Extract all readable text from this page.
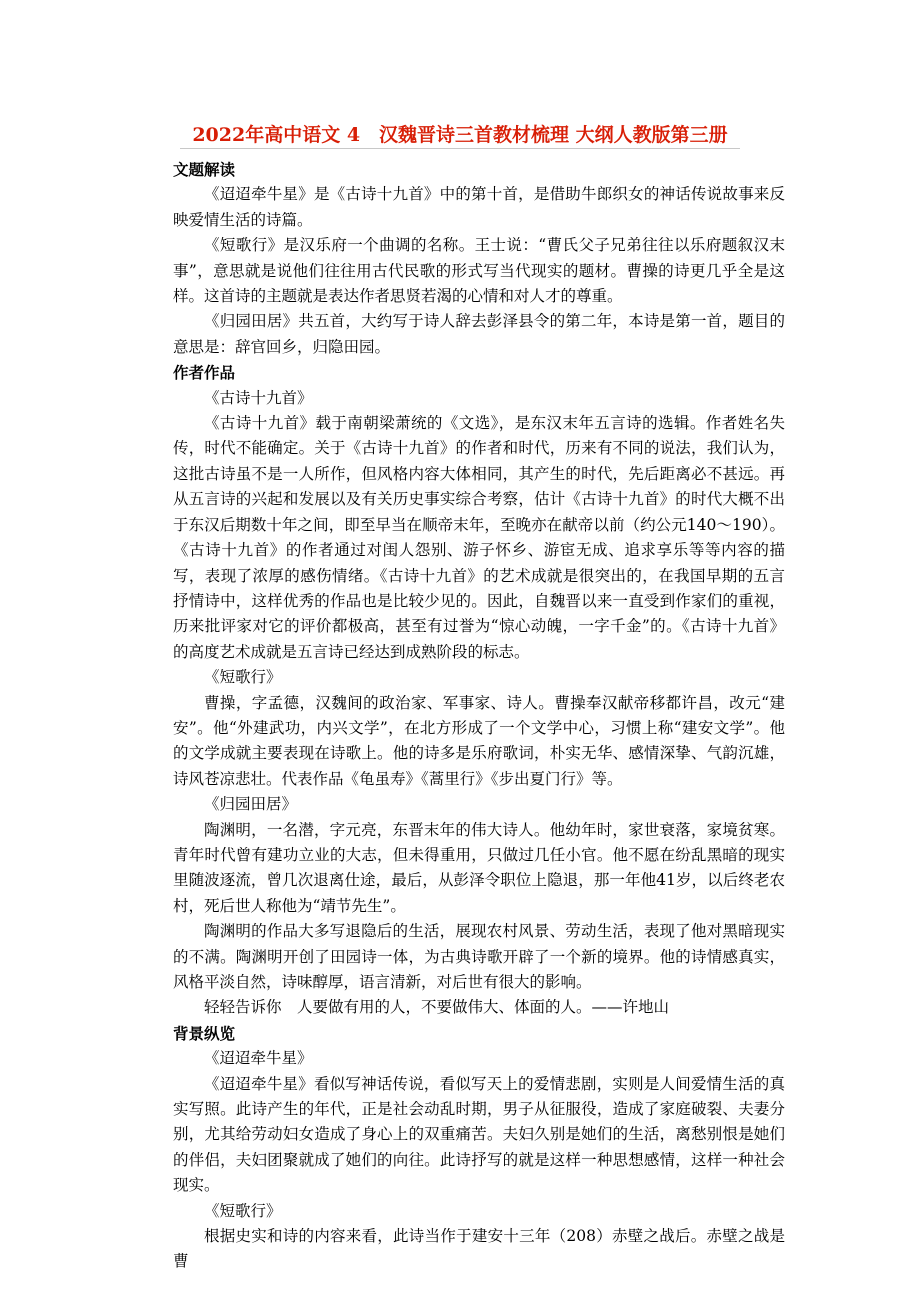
2022年高中语文 4　汉魏晋诗三首教材梳理 大纲人教版第三册

文题解读

《迢迢牵牛星》是《古诗十九首》中的第十首，是借助牛郎织女的神话传说故事来反映爱情生活的诗篇。

《短歌行》是汉乐府一个曲调的名称。王士说：“曹氏父子兄弟往往以乐府题叙汉末事”，意思就是说他们往往用古代民歌的形式写当代现实的题材。曹操的诗更几乎全是这样。这首诗的主题就是表达作者思贤若渴的心情和对人才的尊重。

《归园田居》共五首，大约写于诗人辞去彭泽县令的第二年，本诗是第一首，题目的意思是：辞官回乡，归隐田园。

作者作品

《古诗十九首》

《古诗十九首》载于南朝梁萧统的《文选》，是东汉末年五言诗的选辑。作者姓名失传，时代不能确定。关于《古诗十九首》的作者和时代，历来有不同的说法，我们认为，这批古诗虽不是一人所作，但风格内容大体相同，其产生的时代，先后距离必不甚远。再从五言诗的兴起和发展以及有关历史事实综合考察，估计《古诗十九首》的时代大概不出于东汉后期数十年之间，即至早当在顺帝末年，至晚亦在献帝以前（约公元140～190）。《古诗十九首》的作者通过对闺人怨别、游子怀乡、游宦无成、追求享乐等等内容的描写，表现了浓厚的感伤情绪。《古诗十九首》的艺术成就是很突出的，在我国早期的五言抒情诗中，这样优秀的作品也是比较少见的。因此，自魏晋以来一直受到作家们的重视，历来批评家对它的评价都极高，甚至有过誉为“惊心动魄，一字千金”的。《古诗十九首》的高度艺术成就是五言诗已经达到成熟阶段的标志。

《短歌行》

曹操，字孟德，汉魏间的政治家、军事家、诗人。曹操奉汉献帝移都许昌，改元“建安”。他“外建武功，内兴文学”，在北方形成了一个文学中心，习惯上称“建安文学”。他的文学成就主要表现在诗歌上。他的诗多是乐府歌词，朴实无华、感情深挚、气韵沉雄，诗风苍凉悲壮。代表作品《龟虽寿》《蒿里行》《步出夏门行》等。

《归园田居》

陶渊明，一名潜，字元亮，东晋末年的伟大诗人。他幼年时，家世衰落，家境贫寒。青年时代曾有建功立业的大志，但未得重用，只做过几任小官。他不愿在纷乱黑暗的现实里随波逐流，曾几次退离仕途，最后，从彭泽令职位上隐退，那一年他41岁，以后终老农村，死后世人称他为“靖节先生”。

陶渊明的作品大多写退隐后的生活，展现农村风景、劳动生活，表现了他对黑暗现实的不满。陶渊明开创了田园诗一体，为古典诗歌开辟了一个新的境界。他的诗情感真实，风格平淡自然，诗味醇厚，语言清新，对后世有很大的影响。

轻轻告诉你　人要做有用的人，不要做伟大、体面的人。——许地山

背景纵览

《迢迢牵牛星》

《迢迢牵牛星》看似写神话传说，看似写天上的爱情悲剧，实则是人间爱情生活的真实写照。此诗产生的年代，正是社会动乱时期，男子从征服役，造成了家庭破裂、夫妻分别，尤其给劳动妇女造成了身心上的双重痛苦。夫妇久别是她们的生活，离愁别恨是她们的伴侣，夫妇团聚就成了她们的向往。此诗抒写的就是这样一种思想感情，这样一种社会现实。

《短歌行》

根据史实和诗的内容来看，此诗当作于建安十三年（208）赤壁之战后。赤壁之战是曹
